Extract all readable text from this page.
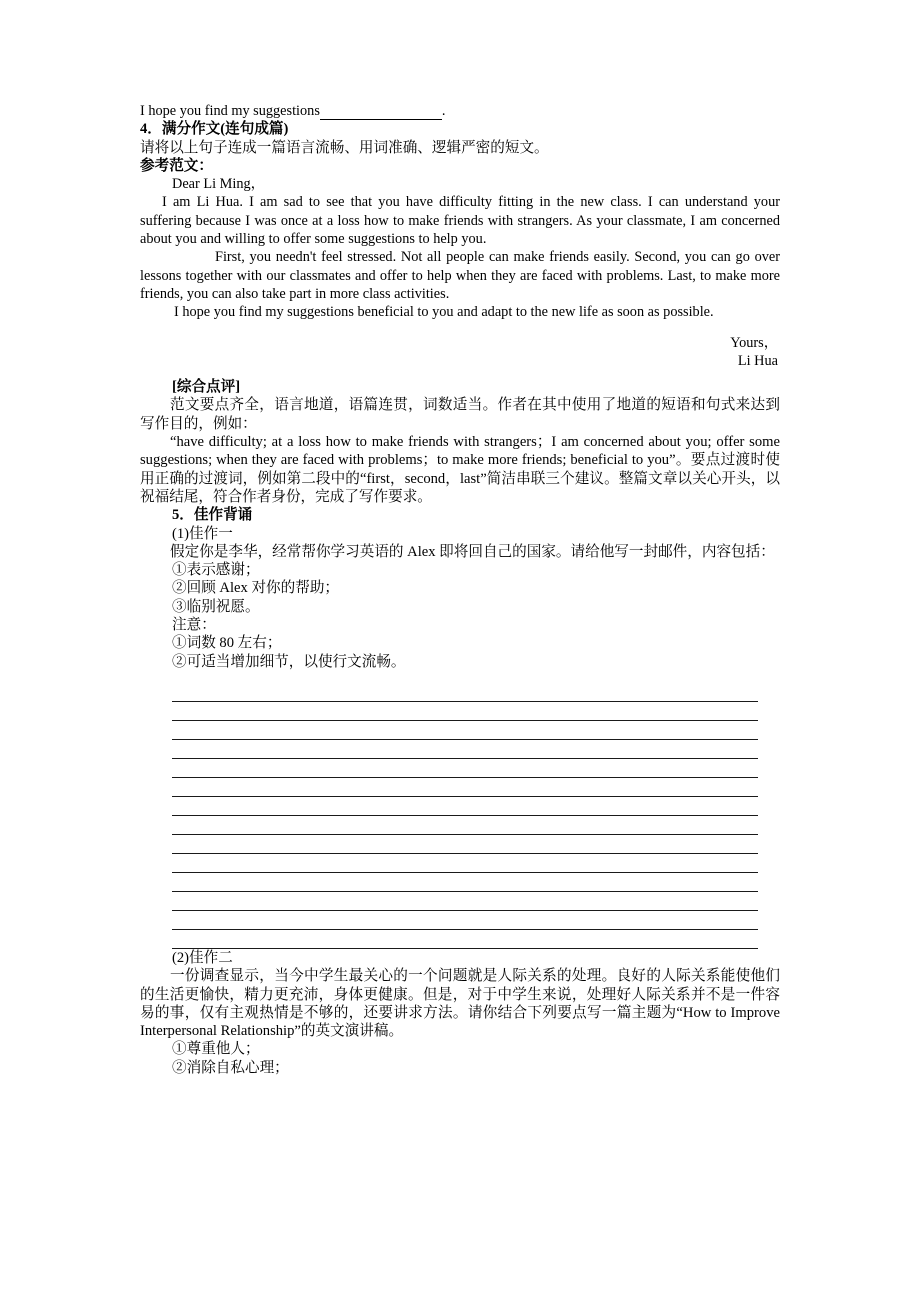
I hope you find my suggestions	.

4．满分作文(连句成篇)

请将以上句子连成一篇语言流畅、用词准确、逻辑严密的短文。

参考范文：

Dear Li Ming，

I am Li Hua. I am sad to see that you have difficulty fitting in the new class. I can understand your suffering because I was once at a loss how to make friends with strangers. As your classmate, I am concerned about you and willing to offer some suggestions to help you.

First, you needn't feel stressed. Not all people can make friends easily. Second, you can go over lessons together with our classmates and offer to help when they are faced with problems. Last, to make more friends, you can also take part in more class activities.

I hope you find my suggestions beneficial to you and adapt to the new life as soon as possible.

Yours，

Li Hua

[综合点评]

范文要点齐全，语言地道，语篇连贯，词数适当。作者在其中使用了地道的短语和句式来达到写作目的，例如：

“have difficulty; at a loss how to make friends with strangers；I am concerned about you; offer some suggestions; when they are faced with problems；to make more friends; beneficial to you”。要点过渡时使用正确的过渡词，例如第二段中的“first，second，last”简洁串联三个建议。整篇文章以关心开头，以祝福结尾，符合作者身份，完成了写作要求。

5．佳作背诵

(1)佳作一

假定你是李华，经常帮你学习英语的 Alex 即将回自己的国家。请给他写一封邮件，内容包括：

①表示感谢；

②回顾 Alex 对你的帮助；

③临别祝愿。

注意：

①词数 80 左右；

②可适当增加细节，以使行文流畅。

(2)佳作二

一份调查显示，当今中学生最关心的一个问题就是人际关系的处理。良好的人际关系能使他们的生活更愉快，精力更充沛，身体更健康。但是，对于中学生来说，处理好人际关系并不是一件容易的事，仅有主观热情是不够的，还要讲求方法。请你结合下列要点写一篇主题为“How to Improve Interpersonal Relationship”的英文演讲稿。

①尊重他人；

②消除自私心理；
